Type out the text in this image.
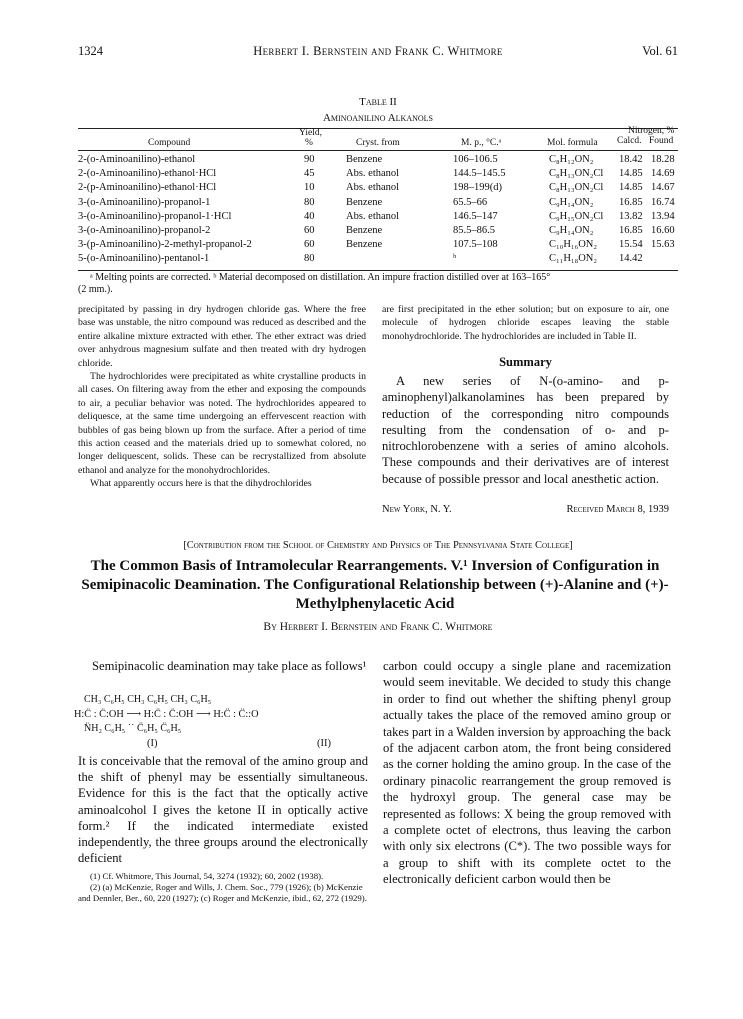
1324	Herbert I. Bernstein and Frank C. Whitmore	Vol. 61
Table II
Aminoanilino Alkanols
Compound
Yield,
%	Cryst. from	M. p., °C.ᵃ	Mol. formula
Nitrogen, %
Calcd. Found
2-(o-Aminoanilino)-ethanol	90	Benzene	106–106.5	C₈H₁₂ON₂ 18.42 18.28
2-(o-Aminoanilino)-ethanol·HCl	45	Abs. ethanol	144.5–145.5	C₈H₁₃ON₂Cl 14.85 14.69
2-(p-Aminoanilino)-ethanol·HCl	10	Abs. ethanol	198–199(d)	C₈H₁₃ON₂Cl 14.85 14.67
3-(o-Aminoanilino)-propanol-1	80	Benzene	65.5–66	C₉H₁₄ON₂ 16.85 16.74
3-(o-Aminoanilino)-propanol-1·HCl	40	Abs. ethanol	146.5–147	C₉H₁₅ON₂Cl 13.82 13.94
3-(o-Aminoanilino)-propanol-2	60	Benzene	85.5–86.5	C₉H₁₄ON₂ 16.85 16.60
3-(p-Aminoanilino)-2-methyl-propanol-2	60	Benzene	107.5–108	C₁₀H₁₆ON₂ 15.54 15.63
5-(o-Aminoanilino)-pentanol-1	80	ᵇ	C₁₁H₁₈ON₂ 14.42
ᵃ Melting points are corrected. ᵇ Material decomposed on distillation. An impure fraction distilled over at 163–165°
(2 mm.).

precipitated by passing in dry hydrogen chloride gas. Where the free base was unstable, the nitro compound was reduced as described and the entire alkaline mixture extracted with ether. The ether extract was dried over anhydrous magnesium sulfate and then treated with dry hydrogen chloride.

The hydrochlorides were precipitated as white crystalline products in all cases. On filtering away from the ether and exposing the compounds to air, a peculiar behavior was noted. The hydrochlorides appeared to deliquesce, at the same time undergoing an effervescent reaction with bubbles of gas being blown up from the surface. After a period of time this action ceased and the materials dried up to somewhat colored, no longer deliquescent, solids. These can be recrystallized from absolute ethanol and analyze for the monohydrochlorides.

What apparently occurs here is that the dihydrochlorides

are first precipitated in the ether solution; but on exposure to air, one molecule of hydrogen chloride escapes leaving the stable monohydrochloride. The hydrochlorides are included in Table II.

Summary

A new series of N-(o-amino- and p-aminophenyl)alkanolamines has been prepared by reduction of the corresponding nitro compounds resulting from the condensation of o- and p-nitrochlorobenzene with a series of amino alcohols. These compounds and their derivatives are of interest because of possible pressor and local anesthetic action.

New York, N. Y.	Received March 8, 1939
[Contribution from the School of Chemistry and Physics of The Pennsylvania State College]
The Common Basis of Intramolecular Rearrangements. V.¹ Inversion of Configuration in Semipinacolic Deamination. The Configurational Relationship between (+)-Alanine and (+)-Methylphenylacetic Acid
By Herbert I. Bernstein and Frank C. Whitmore

Semipinacolic deamination may take place as follows¹

CH₃ C₆H₅ CH₃ C₆H₅ CH₃ C₆H₅
H:C̈ : C̈:OH ⟶ H:C̈ : C̈:OH ⟶ H:C̈ : C̈::O
N̈H₂ C₆H₅ ˙˙ C̈₆H₅ C̈₆H₅
(I)	(II)

It is conceivable that the removal of the amino group and the shift of phenyl may be essentially simultaneous. Evidence for this is the fact that the optically active aminoalcohol I gives the ketone II in optically active form.² If the indicated intermediate existed independently, the three groups around the electronically deficient

(1) Cf. Whitmore, This Journal, 54, 3274 (1932); 60, 2002 (1938).

(2) (a) McKenzie, Roger and Wills, J. Chem. Soc., 779 (1926); (b) McKenzie and Dennler, Ber., 60, 220 (1927); (c) Roger and McKenzie, ibid., 62, 272 (1929).

carbon could occupy a single plane and racemization would seem inevitable. We decided to study this change in order to find out whether the shifting phenyl group actually takes the place of the removed amino group or takes part in a Walden inversion by approaching the back of the adjacent carbon atom, the front being considered as the corner holding the amino group. In the case of the ordinary pinacolic rearrangement the group removed is the hydroxyl group. The general case may be represented as follows: X being the group removed with a complete octet of electrons, thus leaving the carbon with only six electrons (C*). The two possible ways for a group to shift with its complete octet to the electronically deficient carbon would then be
